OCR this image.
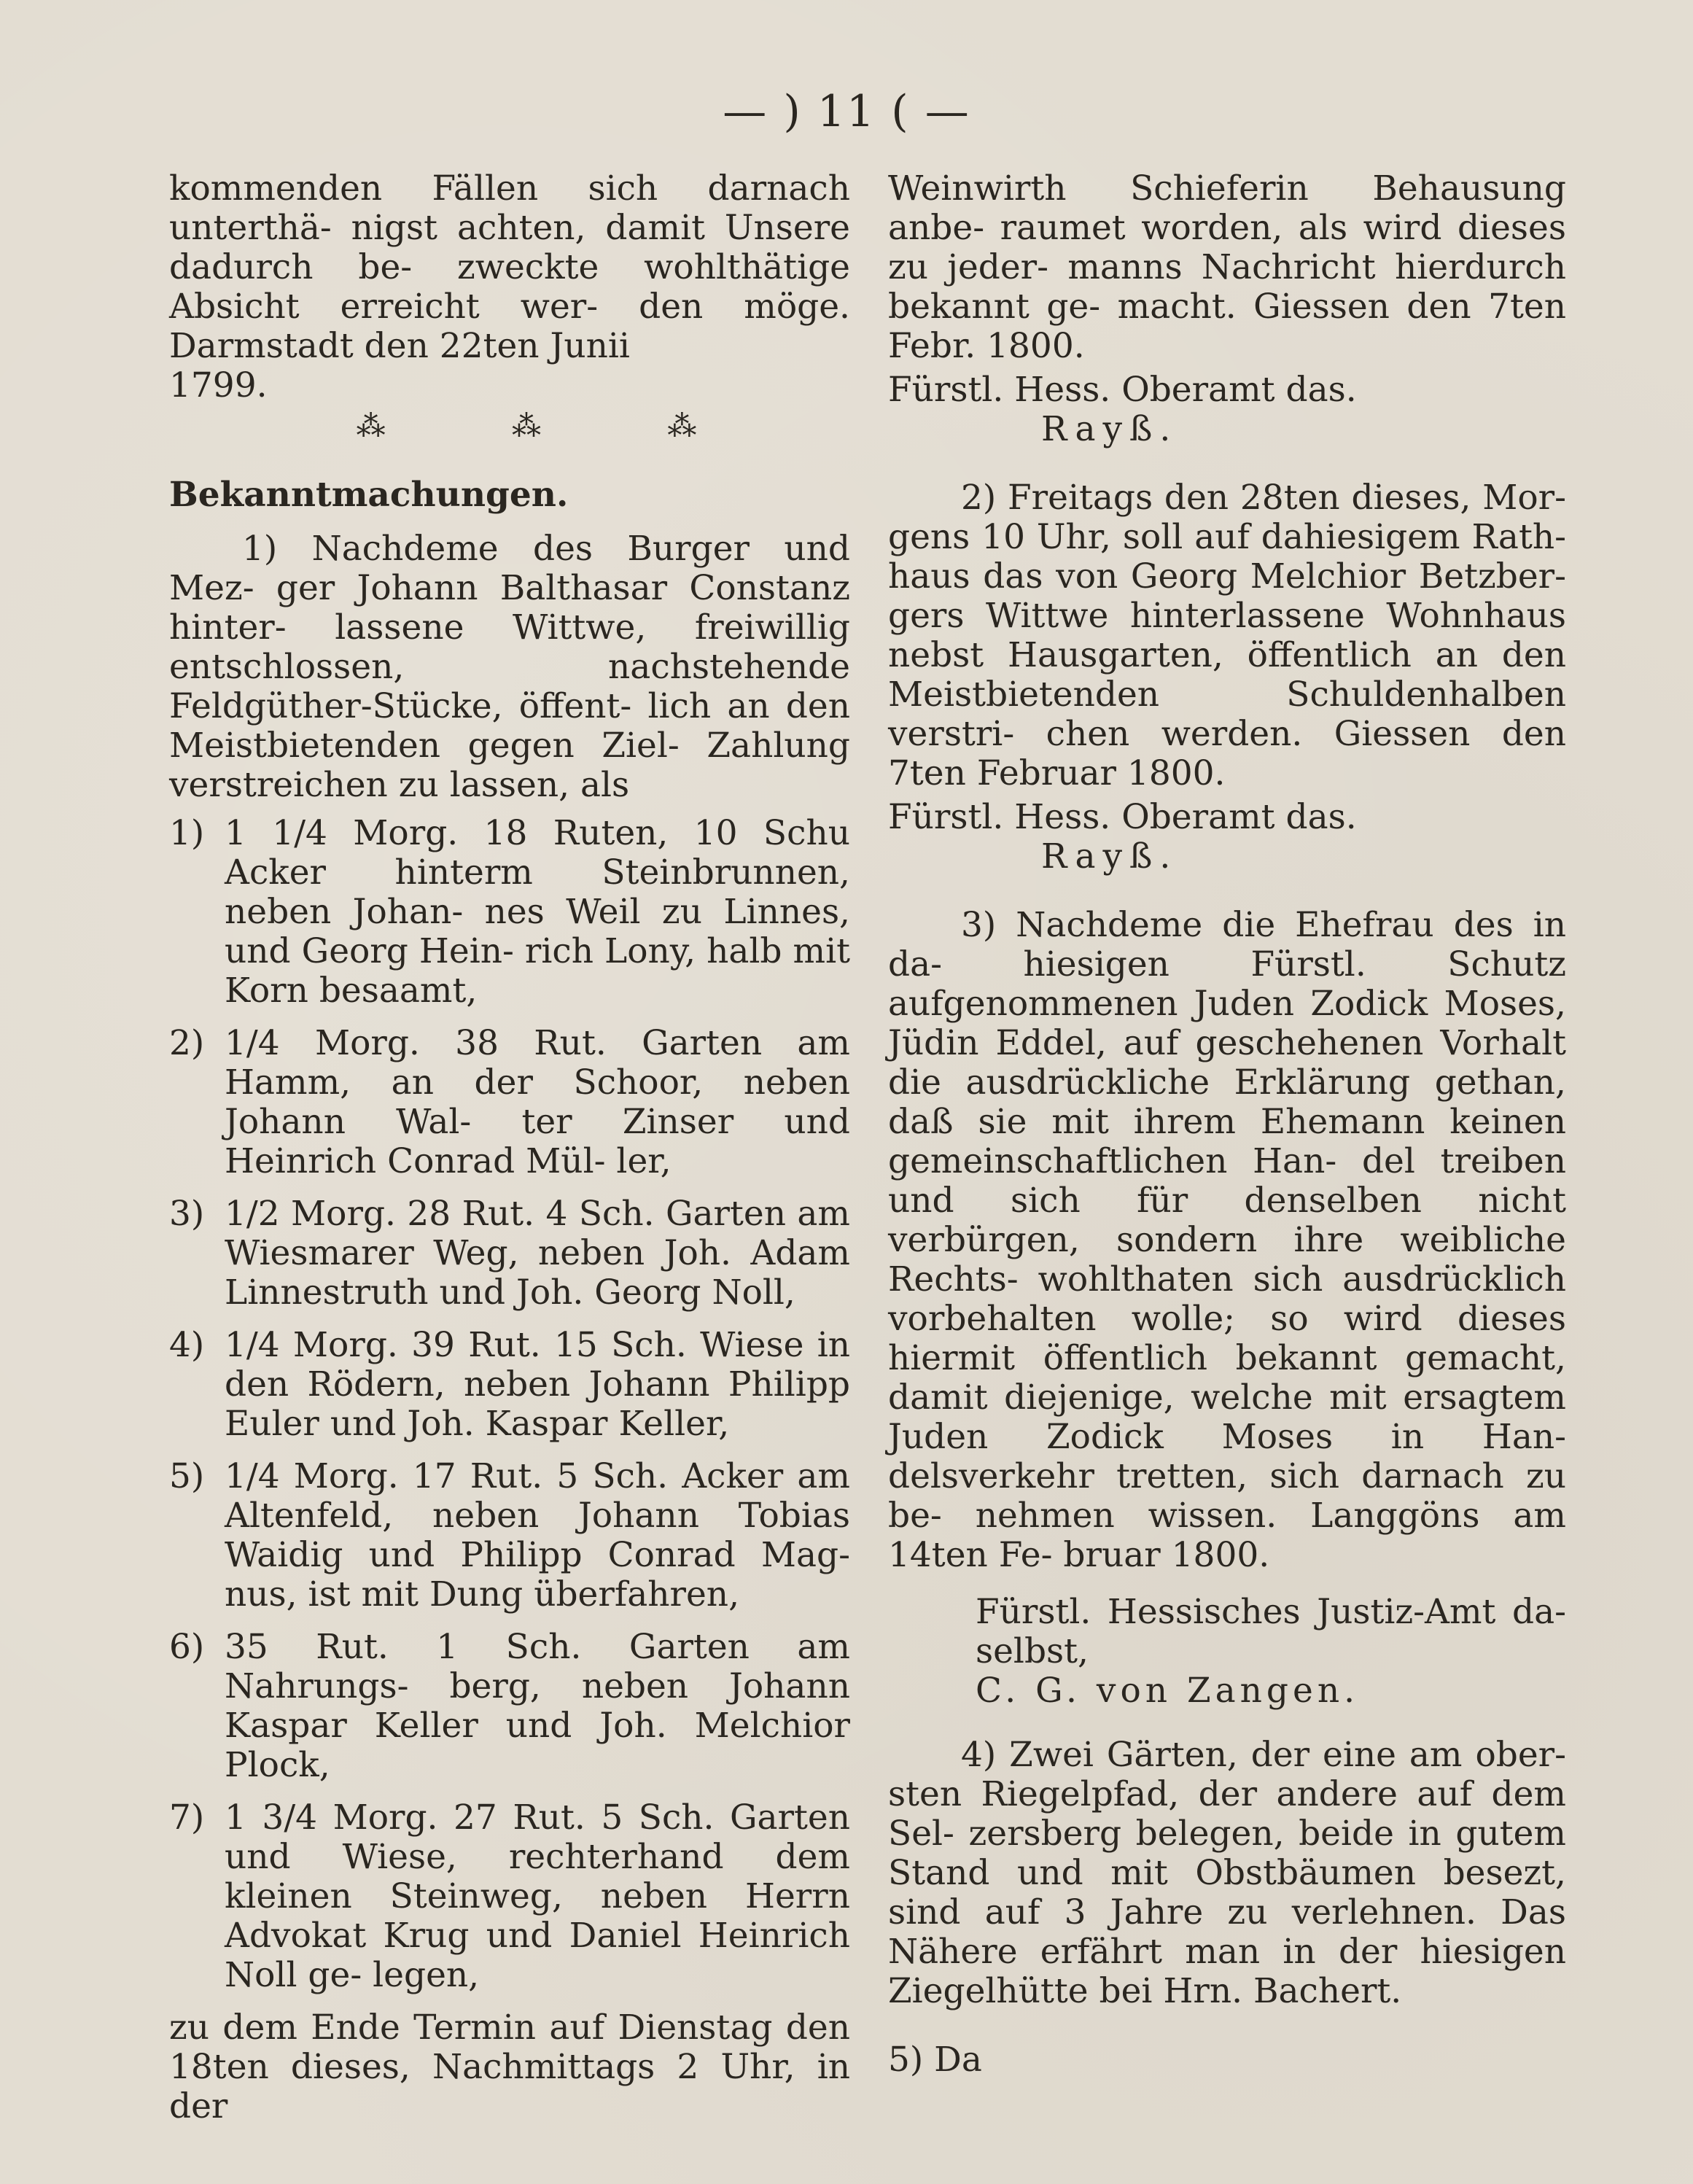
— ) 11 ( —

kommenden Fällen sich darnach unterthä- nigst achten, damit Unsere dadurch be- zweckte wohlthätige Absicht erreicht wer- den möge. Darmstadt den 22ten Junii

1799.

⁂	⁂	⁂

Bekanntmachungen.

1) Nachdeme des Burger und Mez- ger Johann Balthasar Constanz hinter- lassene Wittwe, freiwillig entschlossen, nachstehende Feldgüther-Stücke, öffent- lich an den Meistbietenden gegen Ziel- Zahlung verstreichen zu lassen, als

1) 1 1/4 Morg. 18 Ruten, 10 Schu Acker hinterm Steinbrunnen, neben Johan- nes Weil zu Linnes, und Georg Hein- rich Lony, halb mit Korn besaamt,
2) 1/4 Morg. 38 Rut. Garten am Hamm, an der Schoor, neben Johann Wal- ter Zinser und Heinrich Conrad Mül- ler,
3) 1/2 Morg. 28 Rut. 4 Sch. Garten am Wiesmarer Weg, neben Joh. Adam Linnestruth und Joh. Georg Noll,
4) 1/4 Morg. 39 Rut. 15 Sch. Wiese in den Rödern, neben Johann Philipp Euler und Joh. Kaspar Keller,
5) 1/4 Morg. 17 Rut. 5 Sch. Acker am Altenfeld, neben Johann Tobias Waidig und Philipp Conrad Mag- nus, ist mit Dung überfahren,
6) 35 Rut. 1 Sch. Garten am Nahrungs- berg, neben Johann Kaspar Keller und Joh. Melchior Plock,
7) 1 3/4 Morg. 27 Rut. 5 Sch. Garten und Wiese, rechterhand dem kleinen Steinweg, neben Herrn Advokat Krug und Daniel Heinrich Noll ge- legen,

zu dem Ende Termin auf Dienstag den 18ten dieses, Nachmittags 2 Uhr, in der

Weinwirth Schieferin Behausung anbe- raumet worden, als wird dieses zu jeder- manns Nachricht hierdurch bekannt ge- macht. Giessen den 7ten Febr. 1800.

Fürstl. Hess. Oberamt das.

Rayß.

2) Freitags den 28ten dieses, Mor- gens 10 Uhr, soll auf dahiesigem Rath- haus das von Georg Melchior Betzber- gers Wittwe hinterlassene Wohnhaus nebst Hausgarten, öffentlich an den Meistbietenden Schuldenhalben verstri- chen werden. Giessen den 7ten Februar 1800.

Fürstl. Hess. Oberamt das.

Rayß.

3) Nachdeme die Ehefrau des in da- hiesigen Fürstl. Schutz aufgenommenen Juden Zodick Moses, Jüdin Eddel, auf geschehenen Vorhalt die ausdrückliche Erklärung gethan, daß sie mit ihrem Ehemann keinen gemeinschaftlichen Han- del treiben und sich für denselben nicht verbürgen, sondern ihre weibliche Rechts- wohlthaten sich ausdrücklich vorbehalten wolle; so wird dieses hiermit öffentlich bekannt gemacht, damit diejenige, welche mit ersagtem Juden Zodick Moses in Han- delsverkehr tretten, sich darnach zu be- nehmen wissen. Langgöns am 14ten Fe- bruar 1800.

Fürstl. Hessisches Justiz-Amt da- selbst,

C. G. von Zangen.

4) Zwei Gärten, der eine am ober- sten Riegelpfad, der andere auf dem Sel- zersberg belegen, beide in gutem Stand und mit Obstbäumen besezt, sind auf 3 Jahre zu verlehnen. Das Nähere erfährt man in der hiesigen Ziegelhütte bei Hrn. Bachert.

5) Da
